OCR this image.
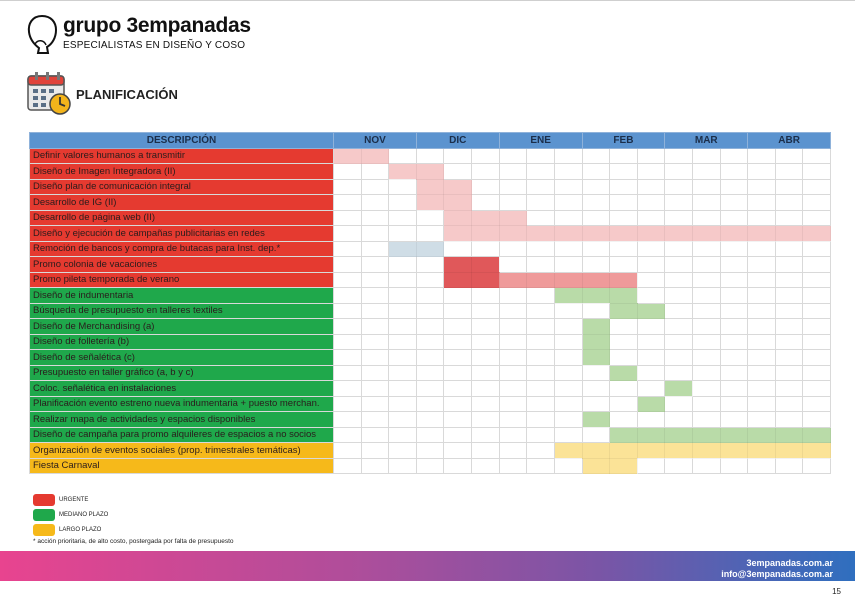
grupo 3empanadas
ESPECIALISTAS EN DISEÑO Y COSO
PLANIFICACIÓN
DESCRIPCIÓN	NOV			DIC			ENE			FEB			MAR			ABR		
Definir valores humanos a transmitir																		
Diseño de Imagen Integradora (II)																		
Diseño plan de comunicación integral																		
Desarrollo de IG (II)																		
Desarrollo de página web (II)																		
Diseño y ejecución de campañas publicitarias en redes																		
Remoción de bancos y compra de butacas para Inst. dep.*																		
Promo colonia de vacaciones																		
Promo pileta temporada de verano																		
Diseño de indumentaria																		
Búsqueda de presupuesto en talleres textiles																		
Diseño de Merchandising (a)																		
Diseño de folletería (b)																		
Diseño de señalética (c)																		
Presupuesto en taller gráfico (a, b y c)																		
Coloc. señalética en instalaciones																		
Planificación evento estreno nueva indumentaria + puesto merchan.																		
Realizar mapa de actividades y espacios disponibles																		
Diseño de campaña para promo alquileres de espacios a no socios																		
Organización de eventos sociales (prop. trimestrales temáticas)																		
Fiesta Carnaval																		
URGENTE
MEDIANO PLAZO
LARGO PLAZO
* acción prioritaria, de alto costo, postergada por falta de presupuesto
3empanadas.com.ar
info@3empanadas.com.ar
15
